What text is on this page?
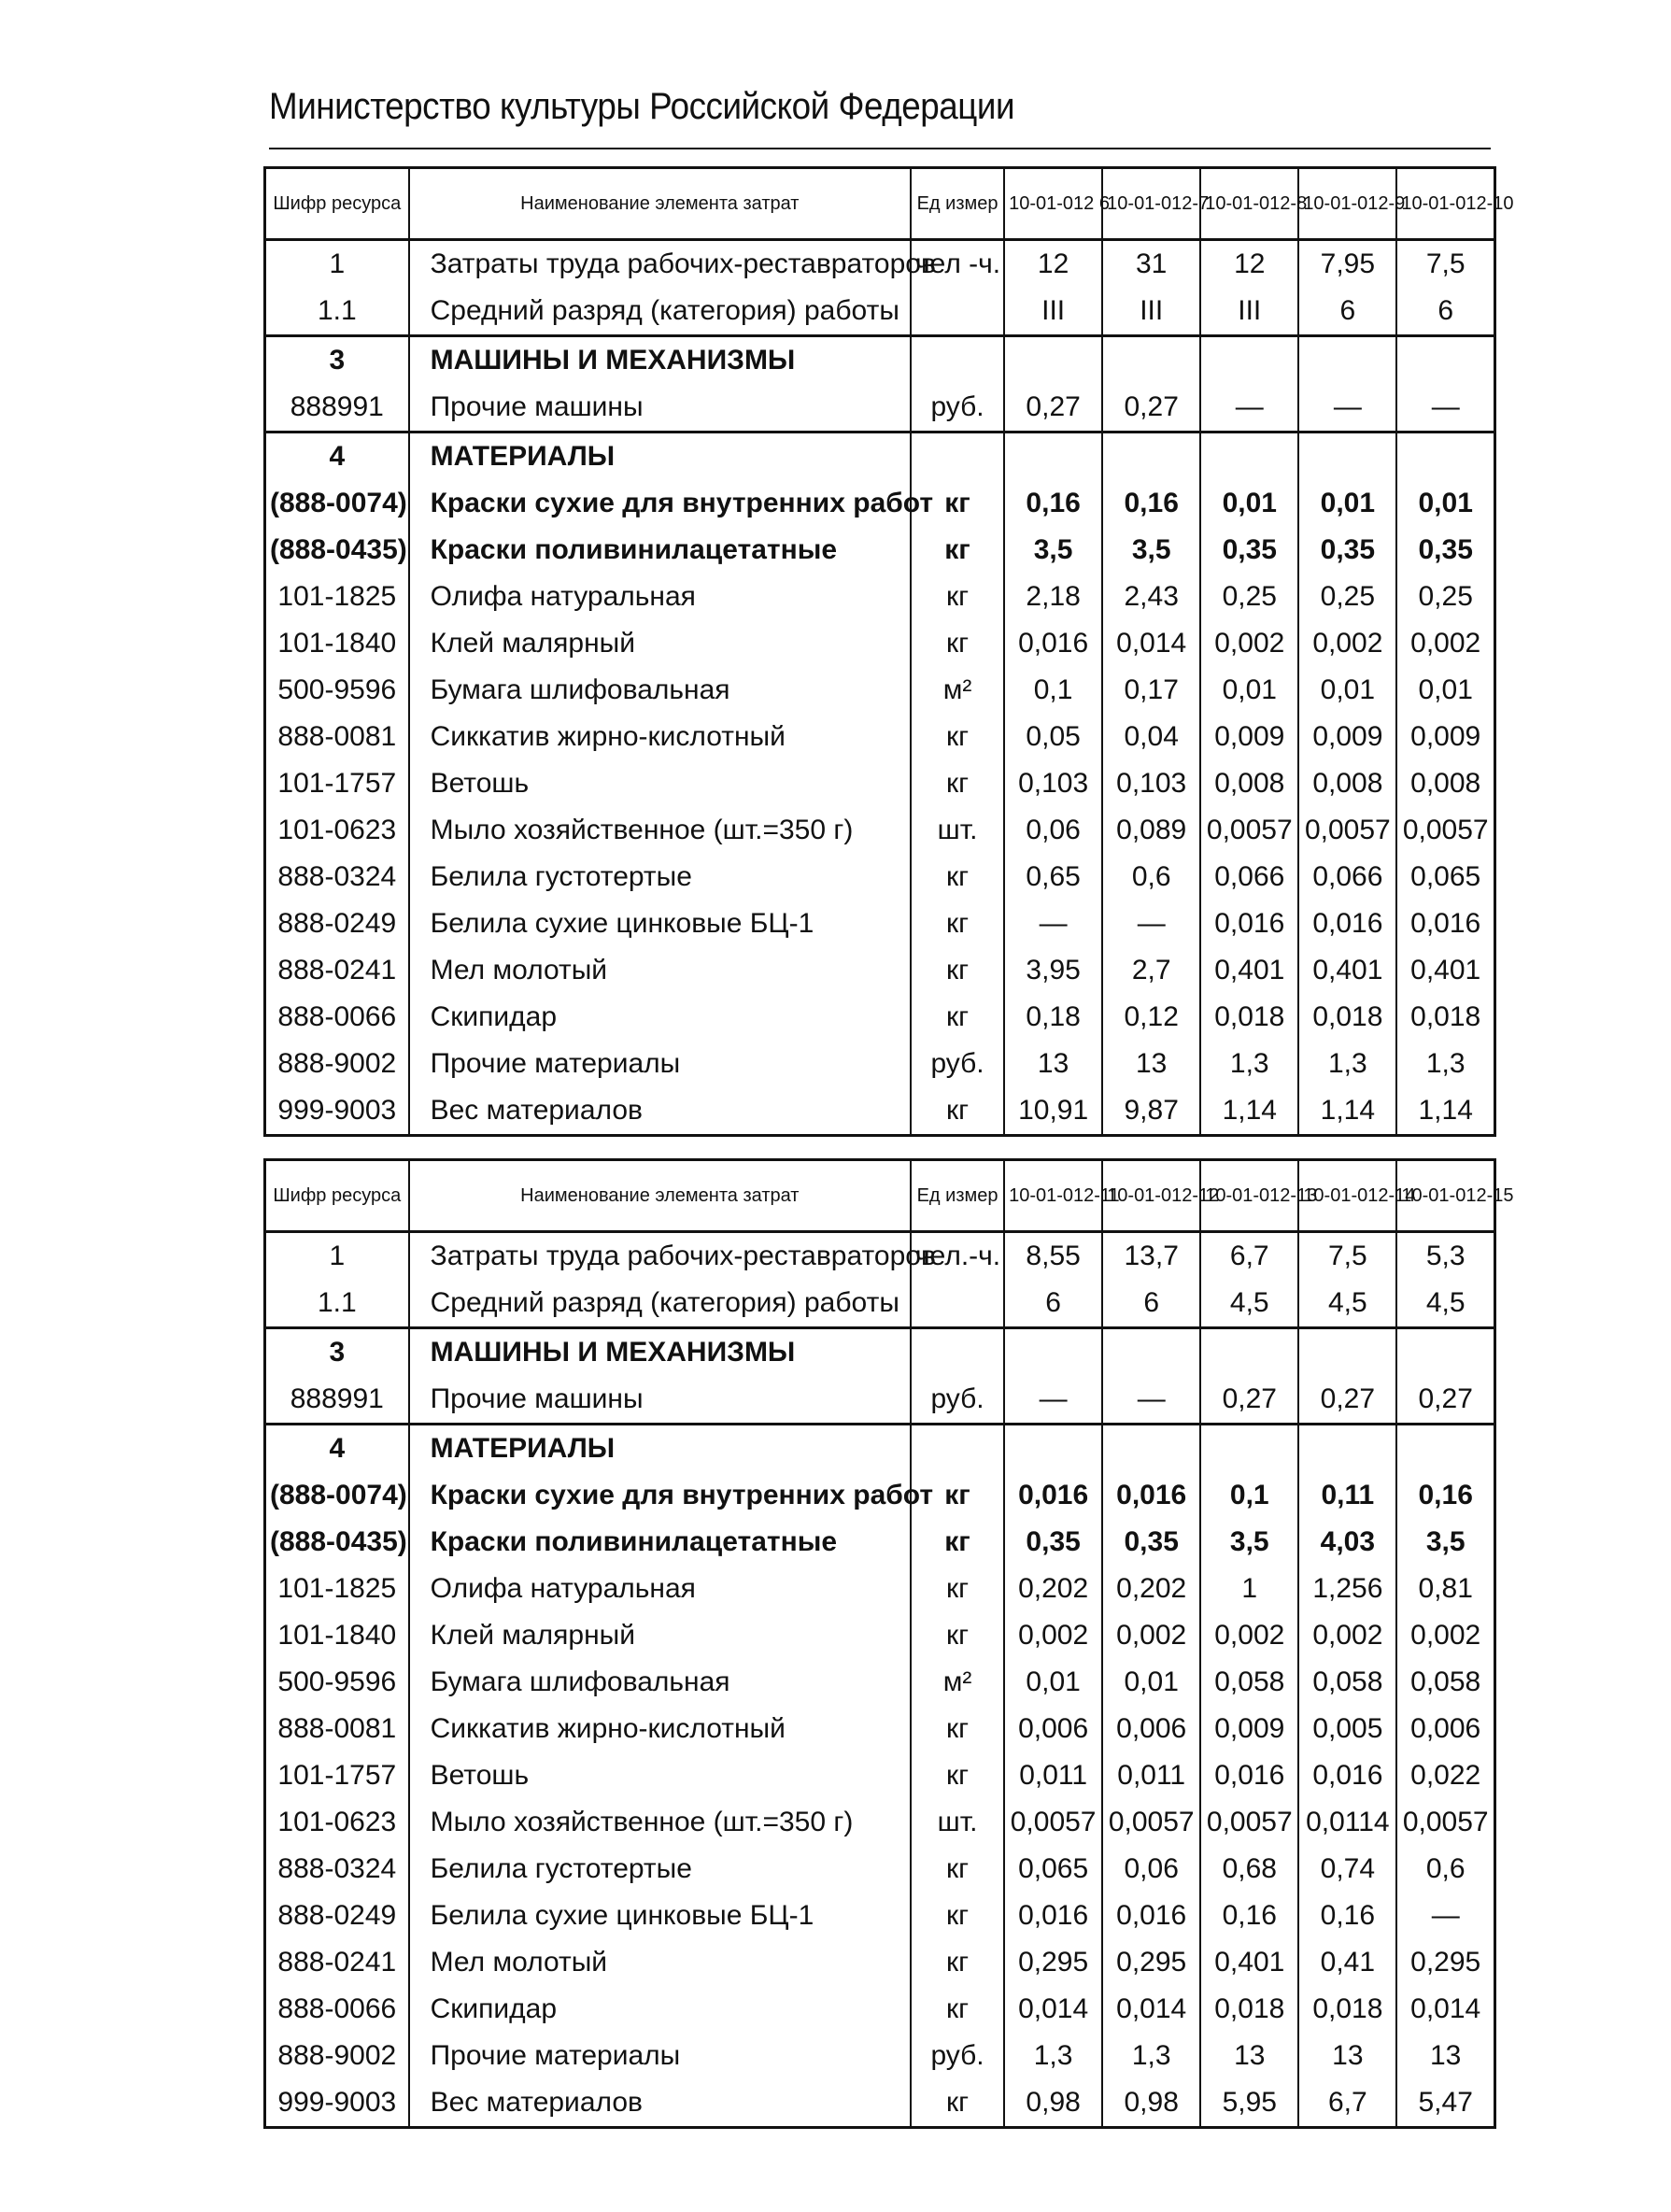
Министерство культуры Российской Федерации
Шифр ресурса	Наименование элемента затрат	Ед измер	10-01-012 6	10-01-012-7	10-01-012-8	10-01-012-9	10-01-012-10
1	Затраты труда рабочих-реставраторов	чел -ч.	12	31	12	7,95	7,5
1.1	Средний разряд (категория) работы		III	III	III	6	6
3	МАШИНЫ И МЕХАНИЗМЫ						
888991	Прочие машины	руб.	0,27	0,27	—	—	—
4	МАТЕРИАЛЫ						
(888-0074)	Краски сухие для внутренних работ	кг	0,16	0,16	0,01	0,01	0,01
(888-0435)	Краски поливинилацетатные	кг	3,5	3,5	0,35	0,35	0,35
101-1825	Олифа натуральная	кг	2,18	2,43	0,25	0,25	0,25
101-1840	Клей малярный	кг	0,016	0,014	0,002	0,002	0,002
500-9596	Бумага шлифовальная	м²	0,1	0,17	0,01	0,01	0,01
888-0081	Сиккатив жирно-кислотный	кг	0,05	0,04	0,009	0,009	0,009
101-1757	Ветошь	кг	0,103	0,103	0,008	0,008	0,008
101-0623	Мыло хозяйственное (шт.=350 г)	шт.	0,06	0,089	0,0057	0,0057	0,0057
888-0324	Белила густотертые	кг	0,65	0,6	0,066	0,066	0,065
888-0249	Белила сухие цинковые БЦ-1	кг	—	—	0,016	0,016	0,016
888-0241	Мел молотый	кг	3,95	2,7	0,401	0,401	0,401
888-0066	Скипидар	кг	0,18	0,12	0,018	0,018	0,018
888-9002	Прочие материалы	руб.	13	13	1,3	1,3	1,3
999-9003	Вес материалов	кг	10,91	9,87	1,14	1,14	1,14
Шифр ресурса	Наименование элемента затрат	Ед измер	10-01-012-11	10-01-012-12	10-01-012-13	10-01-012-14	10-01-012-15
1	Затраты труда рабочих-реставраторов	чел.-ч.	8,55	13,7	6,7	7,5	5,3
1.1	Средний разряд (категория) работы		6	6	4,5	4,5	4,5
3	МАШИНЫ И МЕХАНИЗМЫ						
888991	Прочие машины	руб.	—	—	0,27	0,27	0,27
4	МАТЕРИАЛЫ						
(888-0074)	Краски сухие для внутренних работ	кг	0,016	0,016	0,1	0,11	0,16
(888-0435)	Краски поливинилацетатные	кг	0,35	0,35	3,5	4,03	3,5
101-1825	Олифа натуральная	кг	0,202	0,202	1	1,256	0,81
101-1840	Клей малярный	кг	0,002	0,002	0,002	0,002	0,002
500-9596	Бумага шлифовальная	м²	0,01	0,01	0,058	0,058	0,058
888-0081	Сиккатив жирно-кислотный	кг	0,006	0,006	0,009	0,005	0,006
101-1757	Ветошь	кг	0,011	0,011	0,016	0,016	0,022
101-0623	Мыло хозяйственное (шт.=350 г)	шт.	0,0057	0,0057	0,0057	0,0114	0,0057
888-0324	Белила густотертые	кг	0,065	0,06	0,68	0,74	0,6
888-0249	Белила сухие цинковые БЦ-1	кг	0,016	0,016	0,16	0,16	—
888-0241	Мел молотый	кг	0,295	0,295	0,401	0,41	0,295
888-0066	Скипидар	кг	0,014	0,014	0,018	0,018	0,014
888-9002	Прочие материалы	руб.	1,3	1,3	13	13	13
999-9003	Вес материалов	кг	0,98	0,98	5,95	6,7	5,47
